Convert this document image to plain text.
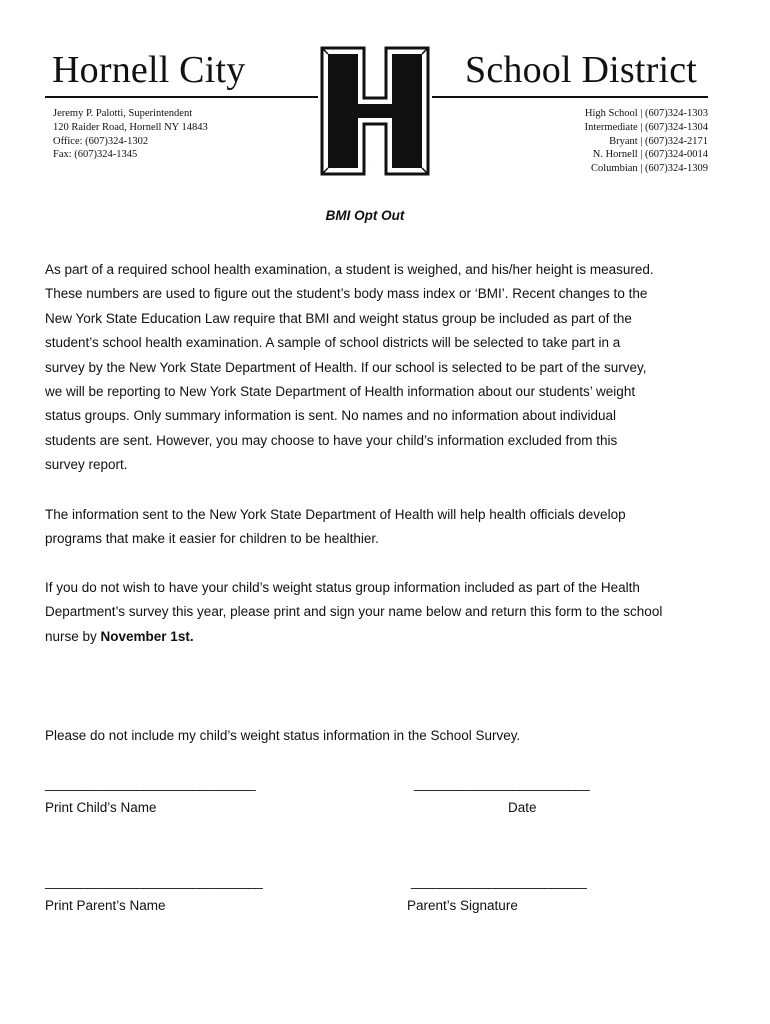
Hornell City	School District
H
Jeremy P. Palotti, Superintendent
120 Raider Road, Hornell NY 14843
Office: (607)324-1302
Fax: (607)324-1345
High School | (607)324-1303
Intermediate | (607)324-1304
Bryant | (607)324-2171
N. Hornell | (607)324-0014
Columbian | (607)324-1309
BMI Opt Out
As part of a required school health examination, a student is weighed, and his/her height is measured.
These numbers are used to figure out the student’s body mass index or ‘BMI’. Recent changes to the
New York State Education Law require that BMI and weight status group be included as part of the
student’s school health examination. A sample of school districts will be selected to take part in a
survey by the New York State Department of Health. If our school is selected to be part of the survey,
we will be reporting to New York State Department of Health information about our students’ weight
status groups. Only summary information is sent. No names and no information about individual
students are sent. However, you may choose to have your child’s information excluded from this
survey report.
The information sent to the New York State Department of Health will help health officials develop
programs that make it easier for children to be healthier.
If you do not wish to have your child’s weight status group information included as part of the Health
Department’s survey this year, please print and sign your name below and return this form to the school
nurse by November 1st.
Please do not include my child’s weight status information in the School Survey.
______________________________
Print Child’s Name
_________________________
Date
_______________________________
Print Parent’s Name
_________________________
Parent’s Signature
